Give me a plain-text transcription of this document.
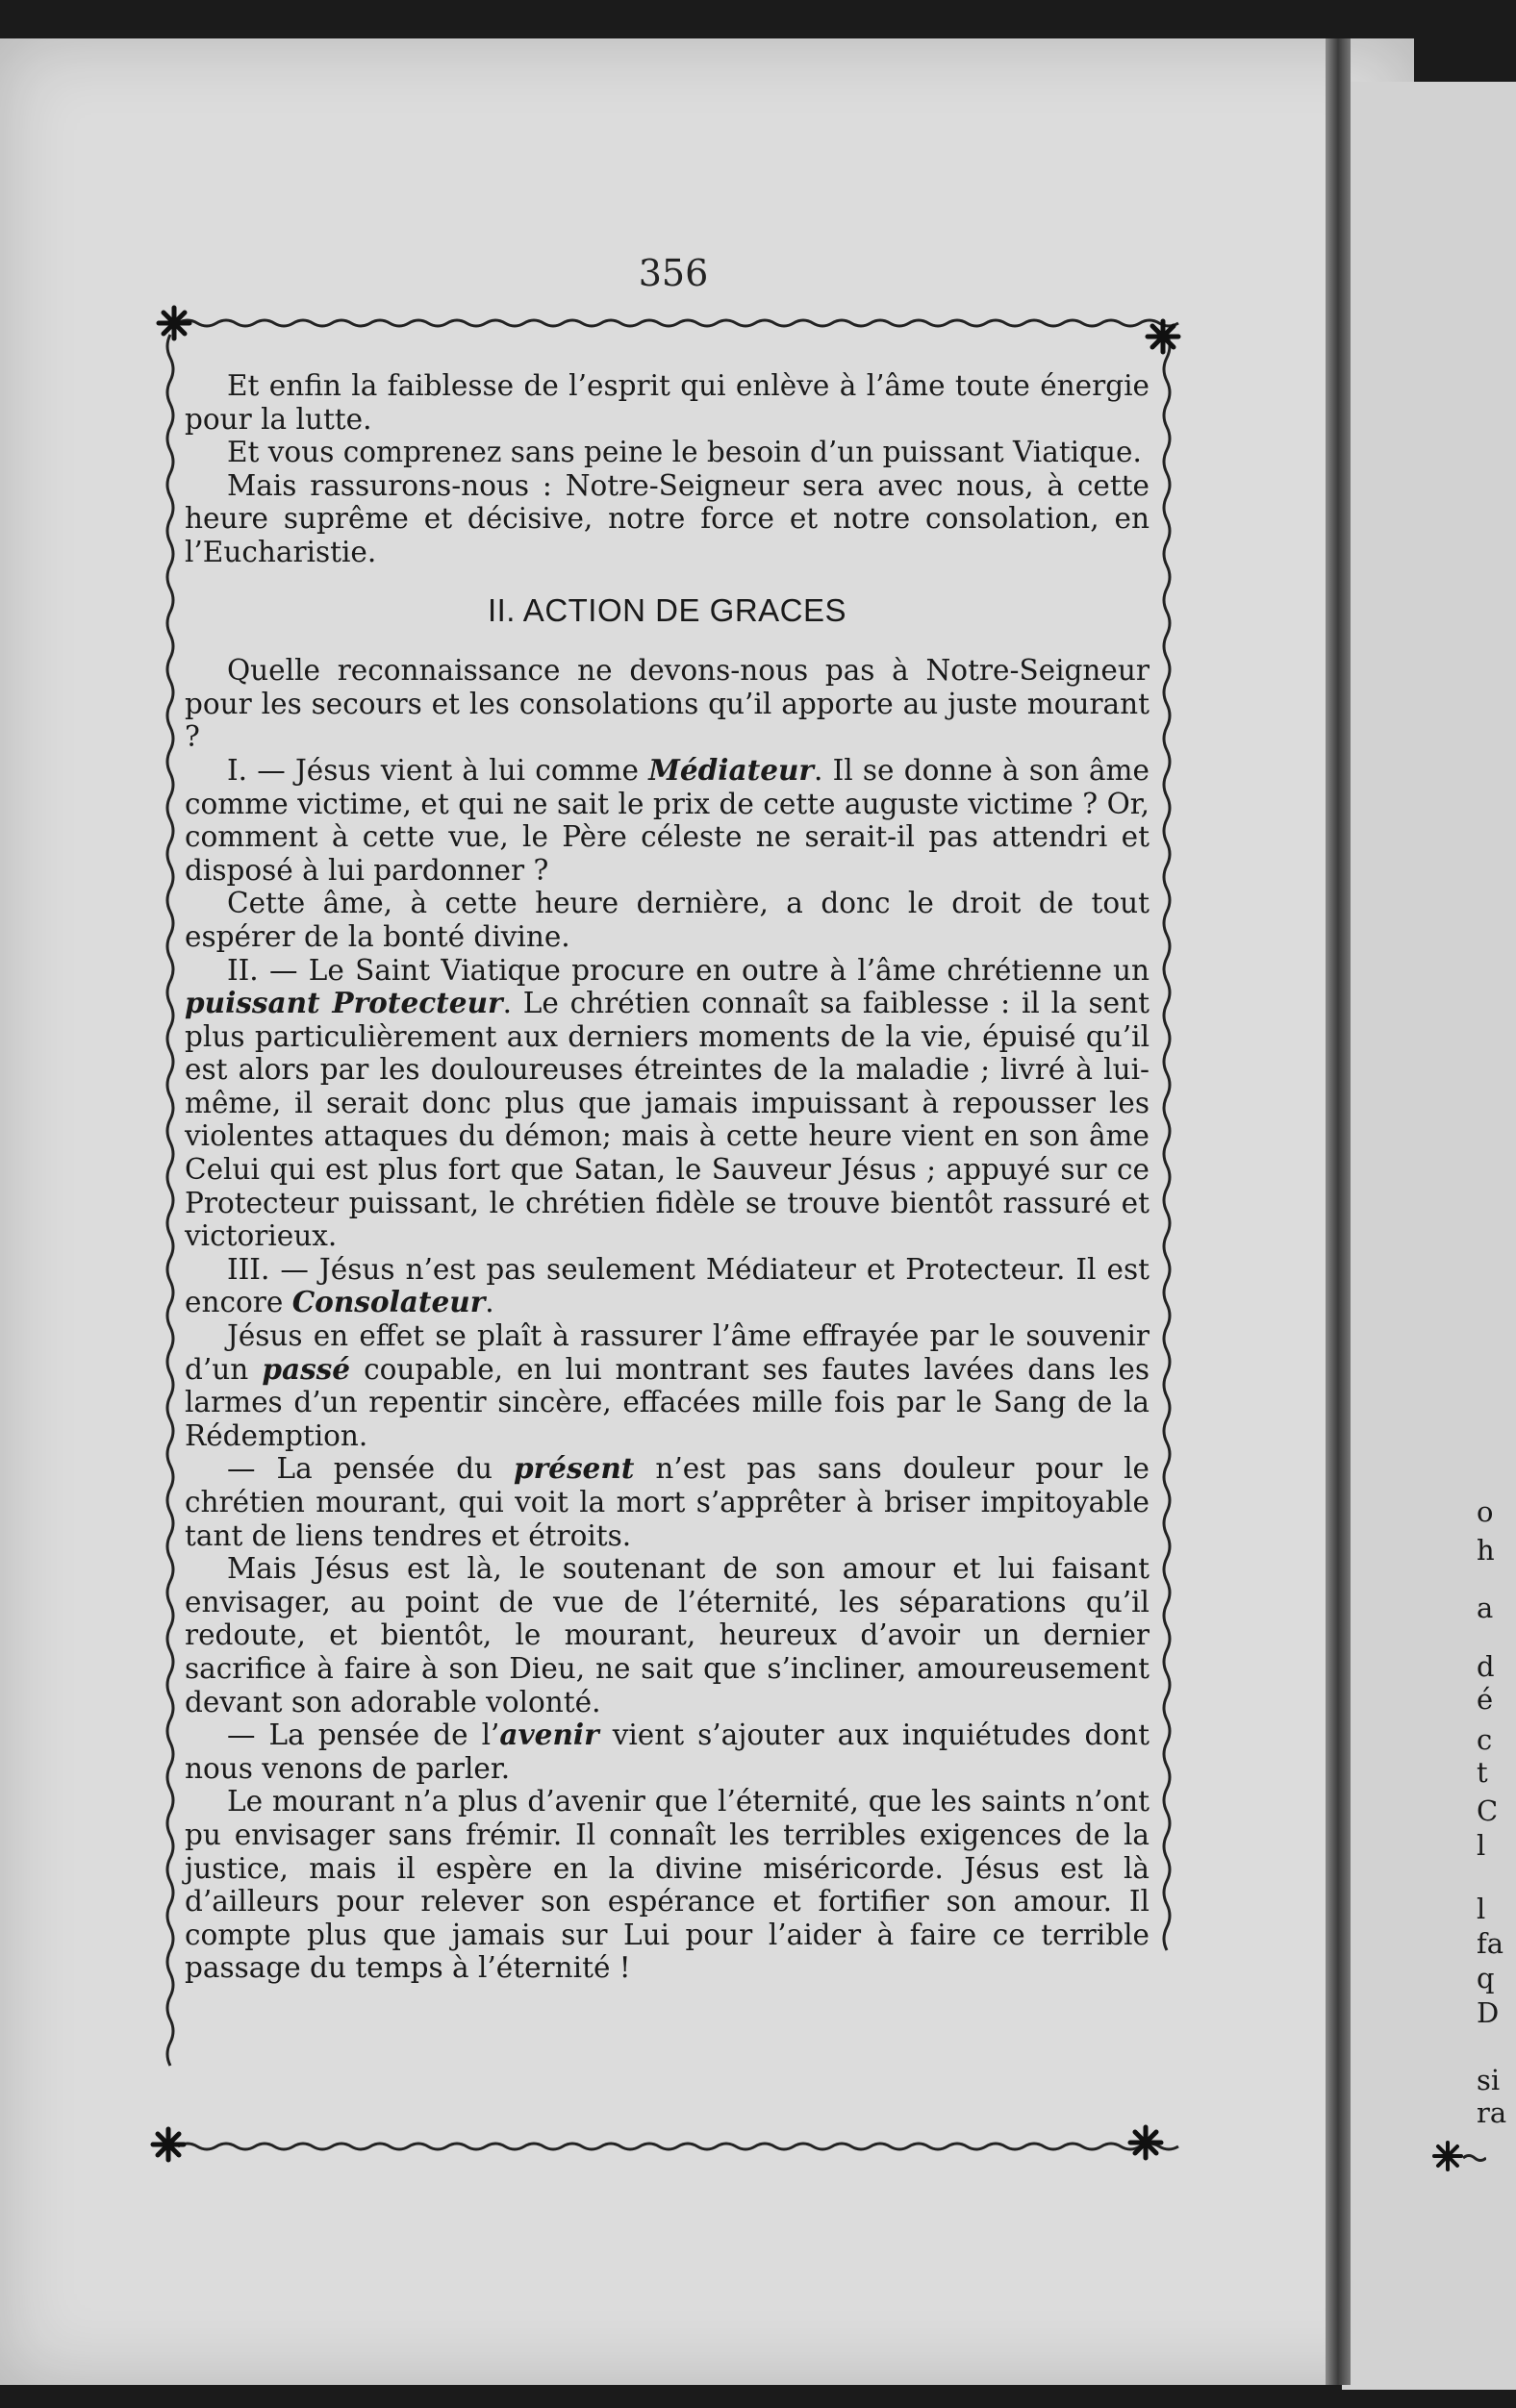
356

Et enfin la faiblesse de l’esprit qui enlève à l’âme toute énergie pour la lutte.

Et vous comprenez sans peine le besoin d’un puissant Viatique.

Mais rassurons-nous : Notre-Seigneur sera avec nous, à cette heure suprême et décisive, notre force et notre consolation, en l’Eucharistie.

II. ACTION DE GRACES

Quelle reconnaissance ne devons-nous pas à Notre-Seigneur pour les secours et les consolations qu’il apporte au juste mourant ?

I. — Jésus vient à lui comme Médiateur. Il se donne à son âme comme victime, et qui ne sait le prix de cette auguste victime ? Or, comment à cette vue, le Père céleste ne serait-il pas attendri et disposé à lui pardonner ?

Cette âme, à cette heure dernière, a donc le droit de tout espérer de la bonté divine.

II. — Le Saint Viatique procure en outre à l’âme chrétienne un puissant Protecteur. Le chrétien connaît sa faiblesse : il la sent plus particulièrement aux derniers moments de la vie, épuisé qu’il est alors par les douloureuses étreintes de la maladie ; livré à lui-même, il serait donc plus que jamais impuissant à repousser les violentes attaques du démon; mais à cette heure vient en son âme Celui qui est plus fort que Satan, le Sauveur Jésus ; appuyé sur ce Protecteur puissant, le chrétien fidèle se trouve bientôt rassuré et victorieux.

III. — Jésus n’est pas seulement Médiateur et Protecteur. Il est encore Consolateur.

Jésus en effet se plaît à rassurer l’âme effrayée par le souvenir d’un passé coupable, en lui montrant ses fautes lavées dans les larmes d’un repentir sincère, effacées mille fois par le Sang de la Rédemption.

— La pensée du présent n’est pas sans douleur pour le chrétien mourant, qui voit la mort s’apprêter à briser impitoyable tant de liens tendres et étroits.

Mais Jésus est là, le soutenant de son amour et lui faisant envisager, au point de vue de l’éternité, les séparations qu’il redoute, et bientôt, le mourant, heureux d’avoir un dernier sacrifice à faire à son Dieu, ne sait que s’incliner, amoureusement devant son adorable volonté.

— La pensée de l’avenir vient s’ajouter aux inquiétudes dont nous venons de parler.

Le mourant n’a plus d’avenir que l’éternité, que les saints n’ont pu envisager sans frémir. Il connaît les terribles exigences de la justice, mais il espère en la divine miséricorde. Jésus est là d’ailleurs pour relever son espérance et fortifier son amour. Il compte plus que jamais sur Lui pour l’aider à faire ce terrible passage du temps à l’éternité !

o
h
a
d
é
c
t
C
l
l
fa
q
D
si
ra
